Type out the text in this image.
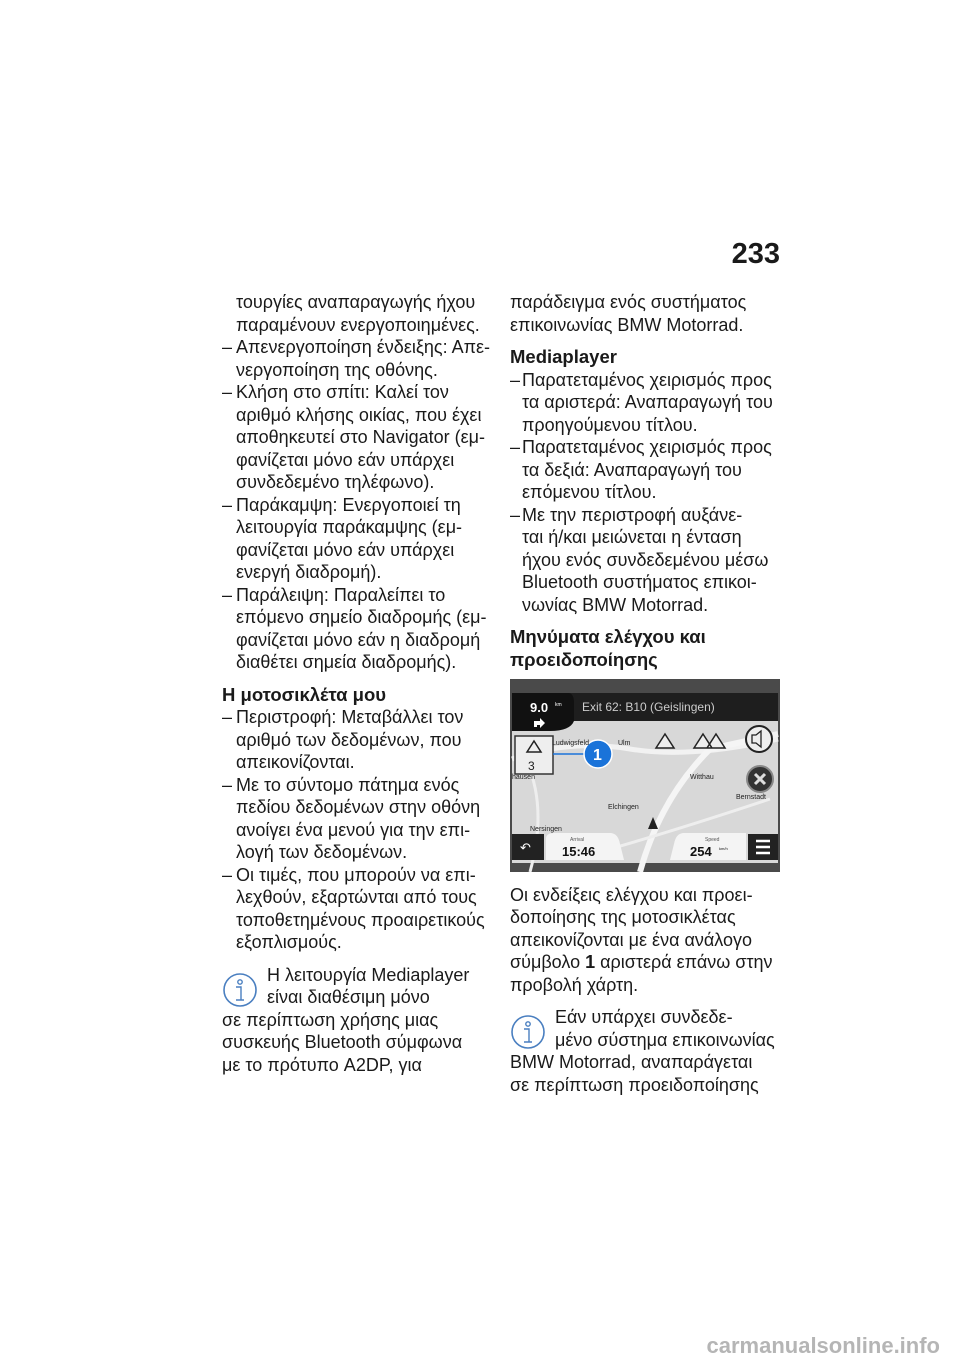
233
τουργίες αναπαραγωγής ήχου
παραμένουν ενεργοποιημένες.
– Απενεργοποίηση ένδειξης: Απε-
νεργοποίηση της οθόνης.
– Κλήση στο σπίτι: Καλεί τον
αριθμό κλήσης οικίας, που έχει
αποθηκευτεί στο Navigator (εμ-
φανίζεται μόνο εάν υπάρχει
συνδεδεμένο τηλέφωνο).
– Παράκαμψη: Ενεργοποιεί τη
λειτουργία παράκαμψης (εμ-
φανίζεται μόνο εάν υπάρχει
ενεργή διαδρομή).
– Παράλειψη: Παραλείπει το
επόμενο σημείο διαδρομής (εμ-
φανίζεται μόνο εάν η διαδρομή
διαθέτει σημεία διαδρομής).
Η μοτοσικλέτα μου
– Περιστροφή: Μεταβάλλει τον
αριθμό των δεδομένων, που
απεικονίζονται.
– Με το σύντομο πάτημα ενός
πεδίου δεδομένων στην οθόνη
ανοίγει ένα μενού για την επι-
λογή των δεδομένων.
– Οι τιμές, που μπορούν να επι-
λεχθούν, εξαρτώνται από τους
τοποθετημένους προαιρετικούς
εξοπλισμούς.
Η λειτουργία Mediaplayer
είναι διαθέσιμη μόνο
σε περίπτωση χρήσης μιας
συσκευής Bluetooth σύμφωνα
με το πρότυπο A2DP, για
παράδειγμα ενός συστήματος
επικοινωνίας BMW Motorrad.
Mediaplayer
– Παρατεταμένος χειρισμός προς
τα αριστερά: Αναπαραγωγή του
προηγούμενου τίτλου.
– Παρατεταμένος χειρισμός προς
τα δεξιά: Αναπαραγωγή του
επόμενου τίτλου.
– Με την περιστροφή αυξάνε-
ται ή/και μειώνεται η ένταση
ήχου ενός συνδεδεμένου μέσω
Bluetooth συστήματος επικοι-
νωνίας BMW Motorrad.
Μηνύματα ελέγχου και
προειδοποίησης
9.0 km Exit 62: B10 (Geislingen)
3
1
Ludwigsfeld	Ulm
Witthau
Elchingen
Bernstadt
Nersingen
hausen
↶
Arrival
15:46
Speed
254 km/h
Οι ενδείξεις ελέγχου και προει-
δοποίησης της μοτοσικλέτας
απεικονίζονται με ένα ανάλογο
σύμβολο 1 αριστερά επάνω στην
προβολή χάρτη.
Εάν υπάρχει συνδεδε-
μένο σύστημα επικοινωνίας
BMW Motorrad, αναπαράγεται
σε περίπτωση προειδοποίησης
carmanualsonline.info
